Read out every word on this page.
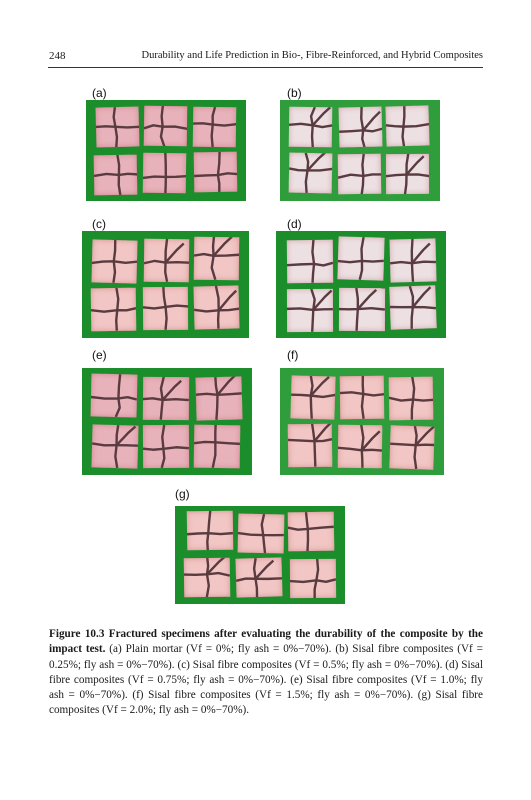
248	Durability and Life Prediction in Bio-, Fibre-Reinforced, and Hybrid Composites
(a)	(b)
(c)	(d)
(e)	(f)
(g)

Figure 10.3 Fractured specimens after evaluating the durability of the composite by the impact test. (a) Plain mortar (Vf = 0%; fly ash = 0%−70%). (b) Sisal fibre composites (Vf = 0.25%; fly ash = 0%−70%). (c) Sisal fibre composites (Vf = 0.5%; fly ash = 0%−70%). (d) Sisal fibre composites (Vf = 0.75%; fly ash = 0%−70%). (e) Sisal fibre composites (Vf = 1.0%; fly ash = 0%−70%). (f) Sisal fibre composites (Vf = 1.5%; fly ash = 0%−70%). (g) Sisal fibre composites (Vf = 2.0%; fly ash = 0%−70%).
